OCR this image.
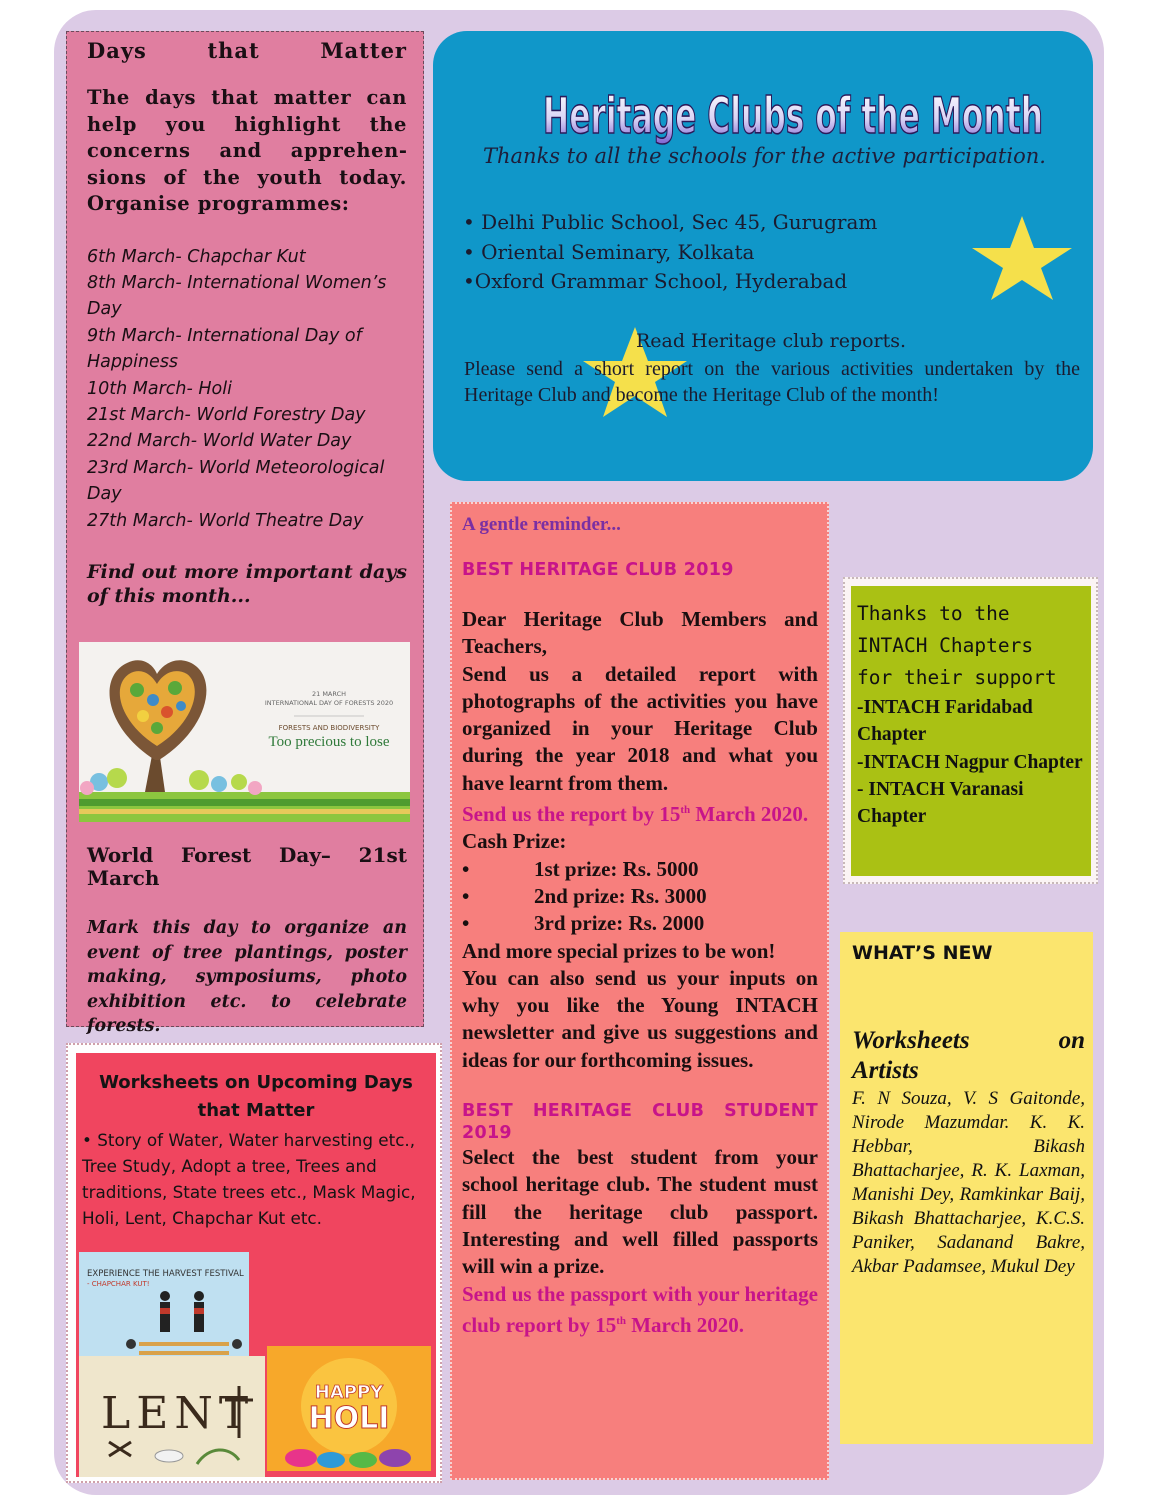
Days	that	Matter
The days that matter can help you highlight the concerns and apprehensions of the youth today. Organise programmes:
6th March- Chapchar Kut
8th March- International Women’s Day
9th March- International Day of Happiness
10th March- Holi
21st March- World Forestry Day
22nd March- World Water Day
23rd March- World Meteorological Day
27th March- World Theatre Day
Find out more important days of this month...
World Forest Day– 21st
March
Mark this day to organize an event of tree plantings, poster making, symposiums, photo exhibition etc. to celebrate forests.
21 MARCH
INTERNATIONAL DAY OF FORESTS 2020
FORESTS AND BIODIVERSITY
Too precious to lose
Heritage Clubs of the Month
Thanks to all the schools for the active participation.
• Delhi Public School, Sec 45, Gurugram
• Oriental Seminary, Kolkata
•Oxford Grammar School, Hyderabad
Read Heritage club reports.
Please send a short report on the various activities undertaken by the Heritage Club and become the Heritage Club of the month!
A gentle reminder...
BEST HERITAGE CLUB 2019

Dear Heritage Club Members and Teachers,

Send us a detailed report with photographs of the activities you have organized in your Heritage Club during the year 2018 and what you have learnt from them.

Send us the report by 15th March 2020.

Cash Prize:

•	1st prize: Rs. 5000
•	2nd prize: Rs. 3000
•	3rd prize: Rs. 2000

And more special prizes to be won!

You can also send us your inputs on why you like the Young INTACH newsletter and give us suggestions and ideas for our forthcoming issues.

BEST HERITAGE CLUB STUDENT 2019

Select the best student from your school heritage club. The student must fill the heritage club passport. Interesting and well filled passports will win a prize.

Send us the passport with your heritage club report by 15th March 2020.

Thanks to the
INTACH Chapters
for their support
-INTACH Faridabad Chapter
-INTACH Nagpur Chapter
- INTACH Varanasi Chapter
WHAT’S NEW
Worksheets	on
Artists
F. N Souza, V. S Gaitonde, Nirode Mazumdar. K. K. Hebbar, Bikash Bhattacharjee, R. K. Laxman, Manishi Dey, Ramkinkar Baij, Bikash Bhattacharjee, K.C.S. Paniker, Sadanand Bakre, Akbar Padamsee, Mukul Dey
Worksheets on Upcoming Days that Matter
• Story of Water, Water harvesting etc., Tree Study, Adopt a tree, Trees and traditions, State trees etc., Mask Magic, Holi, Lent, Chapchar Kut etc.
EXPERIENCE THE HARVEST FESTIVAL
- CHAPCHAR KUT!
LENT	HAPPY
HOLI
